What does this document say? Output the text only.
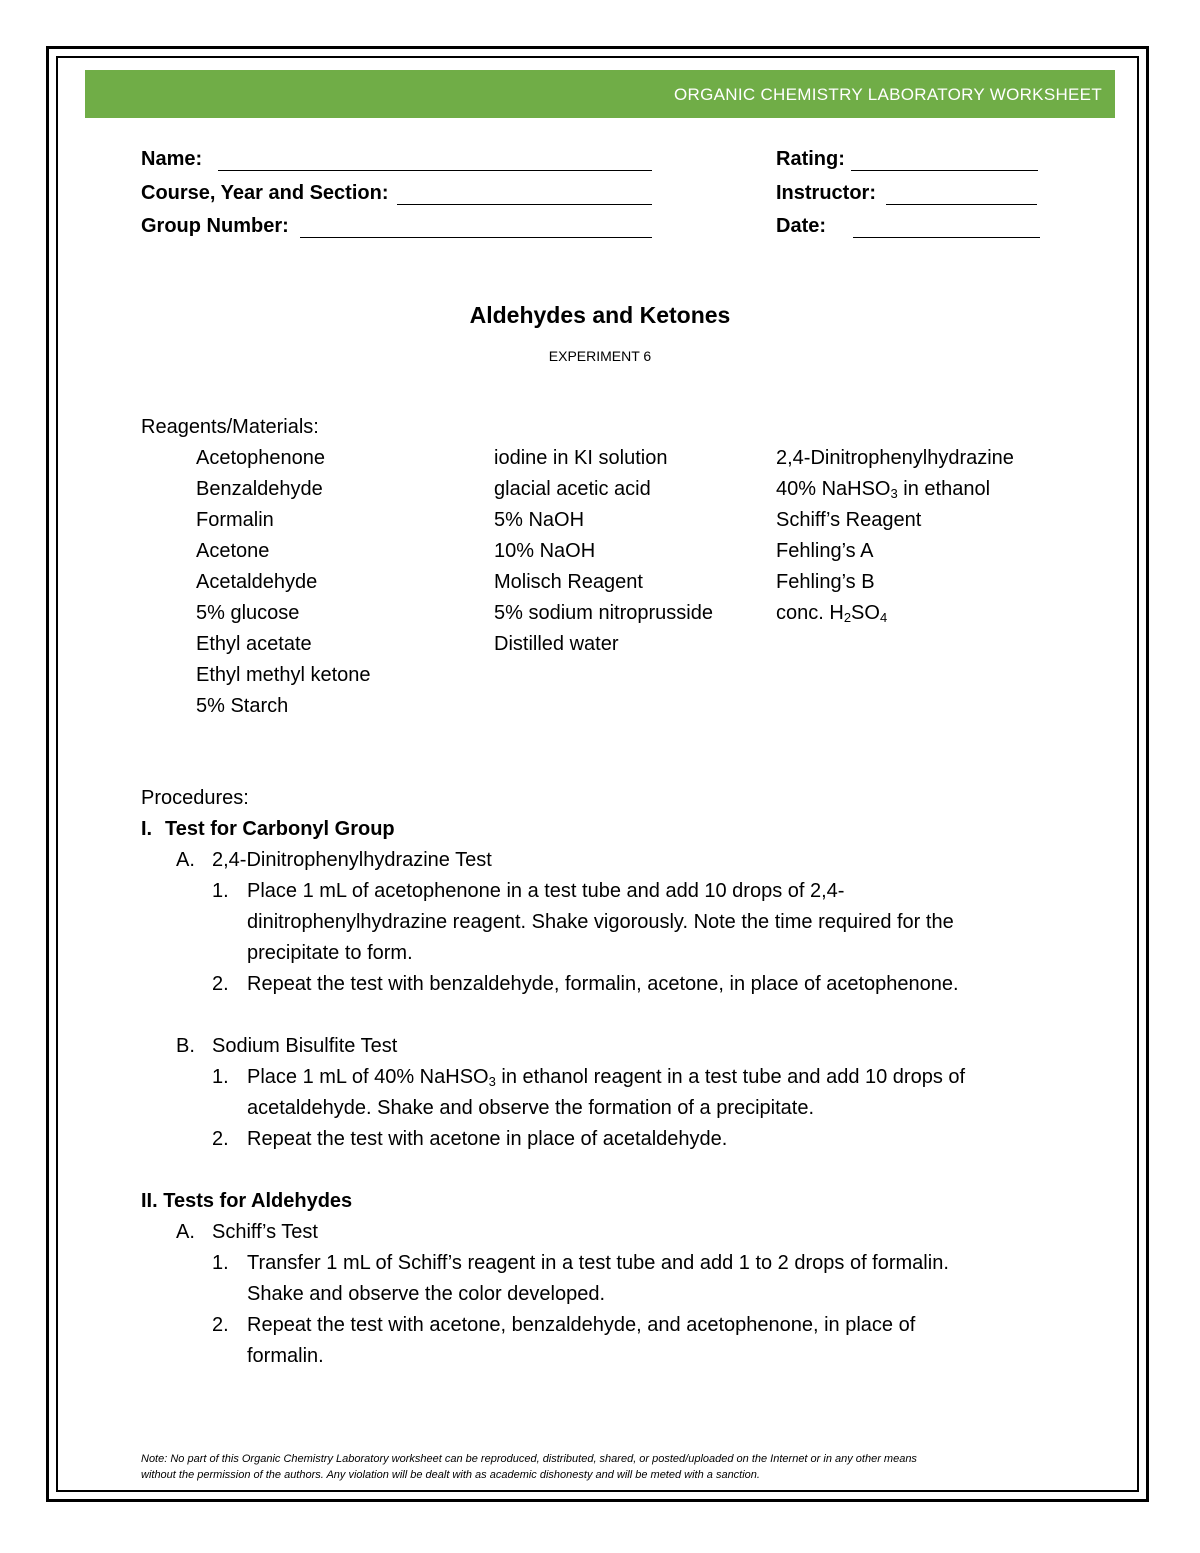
ORGANIC CHEMISTRY LABORATORY WORKSHEET
Name:
Course, Year and Section:
Group Number:
Rating:
Instructor:
Date:
Aldehydes and Ketones
EXPERIMENT 6
Reagents/Materials:
Acetophenone
Benzaldehyde
Formalin
Acetone
Acetaldehyde
5% glucose
Ethyl acetate
Ethyl methyl ketone
5% Starch
iodine in KI solution
glacial acetic acid
5% NaOH
10% NaOH
Molisch Reagent
5% sodium nitroprusside
Distilled water
2,4-Dinitrophenylhydrazine
40% NaHSO$_3$ in ethanol
Schiff’s Reagent
Fehling’s A
Fehling’s B
conc. $H_2SO_4$
Procedures:
I. Test for Carbonyl Group
A. 2,4-Dinitrophenylhydrazine Test
1. Place 1 mL of acetophenone in a test tube and add 10 drops of 2,4-
dinitrophenylhydrazine reagent. Shake vigorously. Note the time required for the
precipitate to form.
2. Repeat the test with benzaldehyde, formalin, acetone, in place of acetophenone.
B. Sodium Bisulfite Test
1. Place 1 mL of 40% NaHSO$_3$ in ethanol reagent in a test tube and add 10 drops of
acetaldehyde. Shake and observe the formation of a precipitate.
2. Repeat the test with acetone in place of acetaldehyde.
II. Tests for Aldehydes
A. Schiff’s Test
1. Transfer 1 mL of Schiff’s reagent in a test tube and add 1 to 2 drops of formalin.
Shake and observe the color developed.
2. Repeat the test with acetone, benzaldehyde, and acetophenone, in place of
formalin.
Note: No part of this Organic Chemistry Laboratory worksheet can be reproduced, distributed, shared, or posted/uploaded on the Internet or in any other means
without the permission of the authors. Any violation will be dealt with as academic dishonesty and will be meted with a sanction.
